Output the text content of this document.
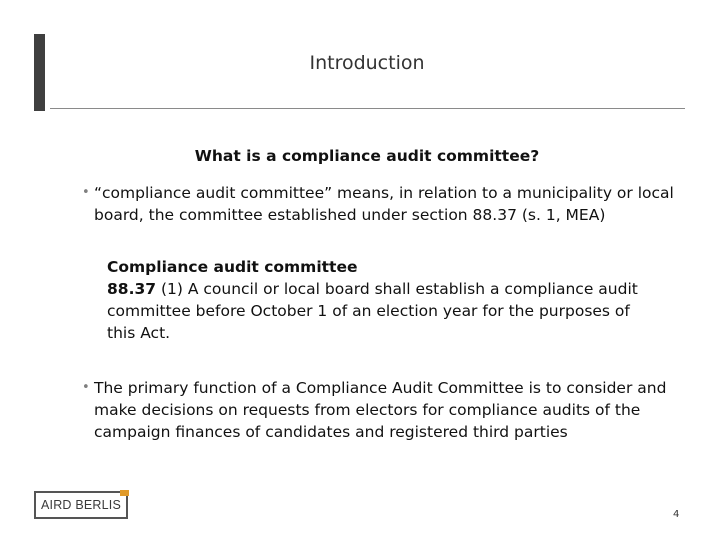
Introduction
What is a compliance audit committee?
• “compliance audit committee” means, in relation to a municipality or local board, the committee established under section 88.37 (s. 1, MEA)
Compliance audit committee
88.37 (1) A council or local board shall establish a compliance audit committee before October 1 of an election year for the purposes of this Act.
• The primary function of a Compliance Audit Committee is to consider and make decisions on requests from electors for compliance audits of the campaign finances of candidates and registered third parties
AIRD BERLIS
4
